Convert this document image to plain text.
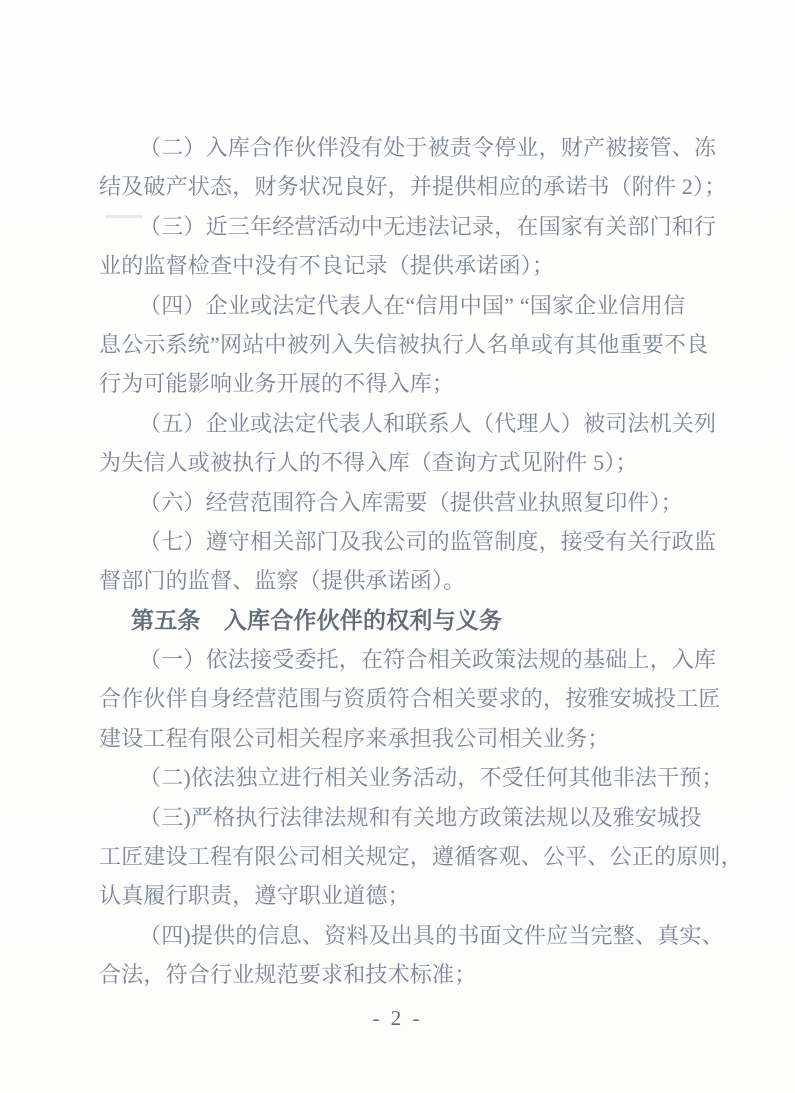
（二）入库合作伙伴没有处于被责令停业，财产被接管、冻
结及破产状态，财务状况良好，并提供相应的承诺书（附件 2）；
（三）近三年经营活动中无违法记录，在国家有关部门和行
业的监督检查中没有不良记录（提供承诺函）；
（四）企业或法定代表人在“信用中国” “国家企业信用信
息公示系统”网站中被列入失信被执行人名单或有其他重要不良
行为可能影响业务开展的不得入库；
（五）企业或法定代表人和联系人（代理人）被司法机关列
为失信人或被执行人的不得入库（查询方式见附件 5）；
（六）经营范围符合入库需要（提供营业执照复印件）；
（七）遵守相关部门及我公司的监管制度，接受有关行政监
督部门的监督、监察（提供承诺函）。
第五条　入库合作伙伴的权利与义务
（一）依法接受委托，在符合相关政策法规的基础上，入库
合作伙伴自身经营范围与资质符合相关要求的，按雅安城投工匠
建设工程有限公司相关程序来承担我公司相关业务；
（二)依法独立进行相关业务活动，不受任何其他非法干预；
（三)严格执行法律法规和有关地方政策法规以及雅安城投
工匠建设工程有限公司相关规定，遵循客观、公平、公正的原则，
认真履行职责，遵守职业道德；
（四)提供的信息、资料及出具的书面文件应当完整、真实、
合法，符合行业规范要求和技术标准；
- 2 -
